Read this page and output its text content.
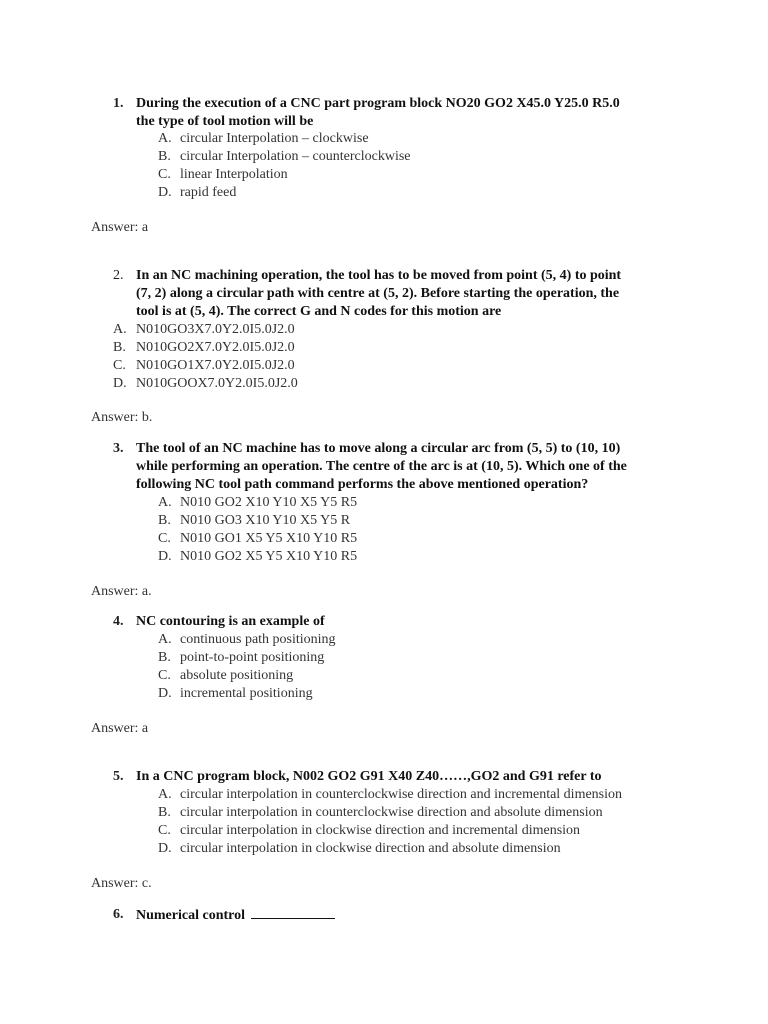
1. During the execution of a CNC part program block NO20 GO2 X45.0 Y25.0 R5.0
the type of tool motion will be
A. circular Interpolation – clockwise
B. circular Interpolation – counterclockwise
C. linear Interpolation
D. rapid feed
Answer: a
2. In an NC machining operation, the tool has to be moved from point (5, 4) to point
(7, 2) along a circular path with centre at (5, 2). Before starting the operation, the
tool is at (5, 4). The correct G and N codes for this motion are
A. N010GO3X7.0Y2.0I5.0J2.0
B. N010GO2X7.0Y2.0I5.0J2.0
C. N010GO1X7.0Y2.0I5.0J2.0
D. N010GOOX7.0Y2.0I5.0J2.0
Answer: b.
3. The tool of an NC machine has to move along a circular arc from (5, 5) to (10, 10)
while performing an operation. The centre of the arc is at (10, 5). Which one of the
following NC tool path command performs the above mentioned operation?
A. N010 GO2 X10 Y10 X5 Y5 R5
B. N010 GO3 X10 Y10 X5 Y5 R
C. N010 GO1 X5 Y5 X10 Y10 R5
D. N010 GO2 X5 Y5 X10 Y10 R5
Answer: a.
4. NC contouring is an example of
A. continuous path positioning
B. point-to-point positioning
C. absolute positioning
D. incremental positioning
Answer: a
5. In a CNC program block, N002 GO2 G91 X40 Z40……,GO2 and G91 refer to
A. circular interpolation in counterclockwise direction and incremental dimension
B. circular interpolation in counterclockwise direction and absolute dimension
C. circular interpolation in clockwise direction and incremental dimension
D. circular interpolation in clockwise direction and absolute dimension
Answer: c.
6. Numerical control
